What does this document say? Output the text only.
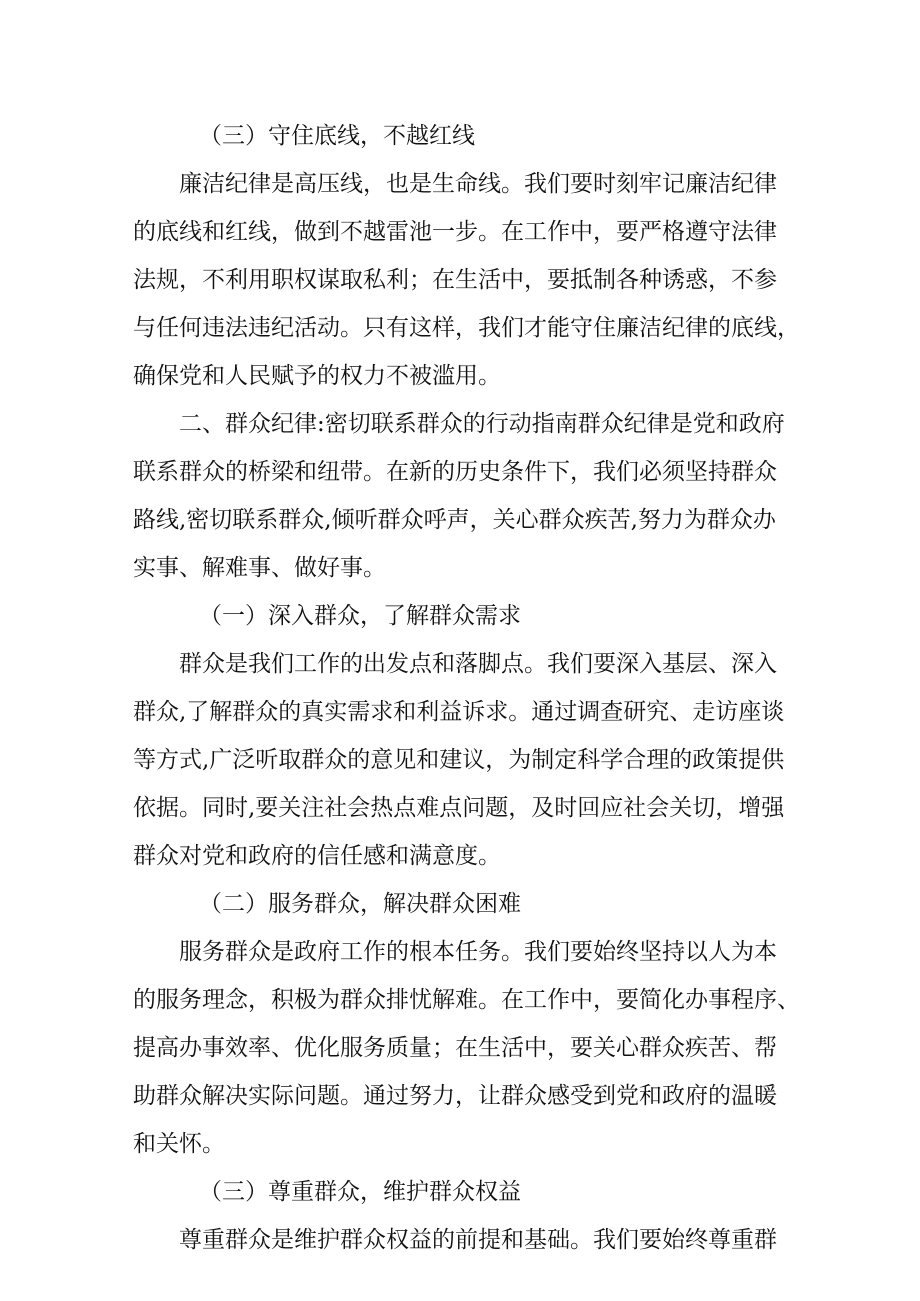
（三）守住底线，不越红线
廉洁纪律是高压线，也是生命线。我们要时刻牢记廉洁纪律
的底线和红线，做到不越雷池一步。在工作中，要严格遵守法律
法规，不利用职权谋取私利；在生活中，要抵制各种诱惑，不参
与任何违法违纪活动。只有这样，我们才能守住廉洁纪律的底线，
确保党和人民赋予的权力不被滥用。
二、群众纪律:密切联系群众的行动指南群众纪律是党和政府
联系群众的桥梁和纽带。在新的历史条件下，我们必须坚持群众
路线,密切联系群众,倾听群众呼声，关心群众疾苦,努力为群众办
实事、解难事、做好事。
（一）深入群众，了解群众需求
群众是我们工作的出发点和落脚点。我们要深入基层、深入
群众,了解群众的真实需求和利益诉求。通过调查研究、走访座谈
等方式,广泛听取群众的意见和建议，为制定科学合理的政策提供
依据。同时,要关注社会热点难点问题，及时回应社会关切，增强
群众对党和政府的信任感和满意度。
（二）服务群众，解决群众困难
服务群众是政府工作的根本任务。我们要始终坚持以人为本
的服务理念，积极为群众排忧解难。在工作中，要简化办事程序、
提高办事效率、优化服务质量；在生活中，要关心群众疾苦、帮
助群众解决实际问题。通过努力，让群众感受到党和政府的温暖
和关怀。
（三）尊重群众，维护群众权益
尊重群众是维护群众权益的前提和基础。我们要始终尊重群
